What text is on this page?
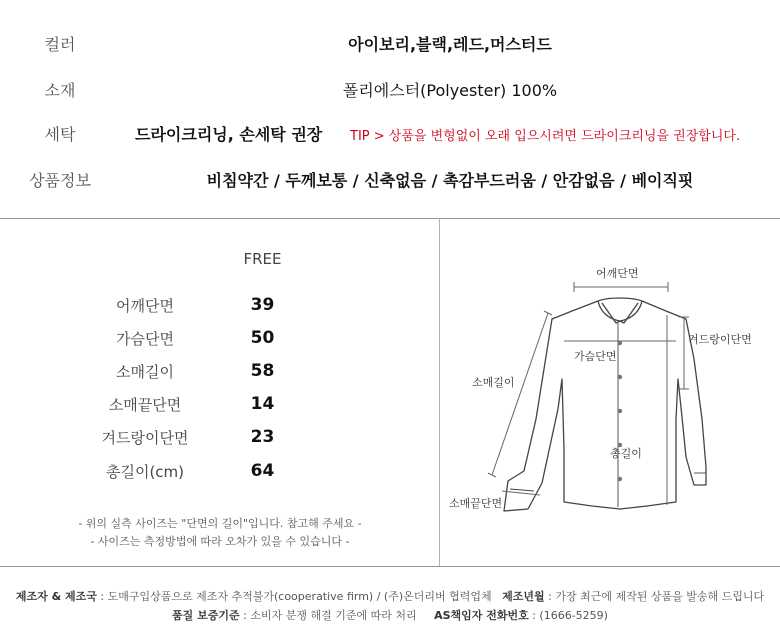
컬러	아이보리,블랙,레드,머스터드
소재	폴리에스터(Polyester) 100%
세탁	드라이크리닝, 손세탁 권장 TIP > 상품을 변형없이 오래 입으시려면 드라이크리닝을 권장합니다.
상품정보	비침약간 / 두께보통 / 신축없음 / 촉감부드러움 / 안감없음 / 베이직핏
FREE
어깨단면	39
가슴단면	50
소매길이	58
소매끝단면	14
겨드랑이단면	23
총길이(cm)	64
- 위의 실측 사이즈는 "단면의 길이"입니다. 참고해 주세요 -
- 사이즈는 측정방법에 따라 오차가 있을 수 있습니다 -
어깨단면
겨드랑이단면
가슴단면
소매길이
총길이
소매끝단면
제조자 & 제조국 : 도매구입상품으로 제조자 추적불가(cooperative firm) / (주)온더리버 협력업체 제조년월 : 가장 최근에 제작된 상품을 발송해 드립니다
품질 보증기준 : 소비자 분쟁 해결 기준에 따라 처리 AS책임자 전화번호 : (1666-5259)
